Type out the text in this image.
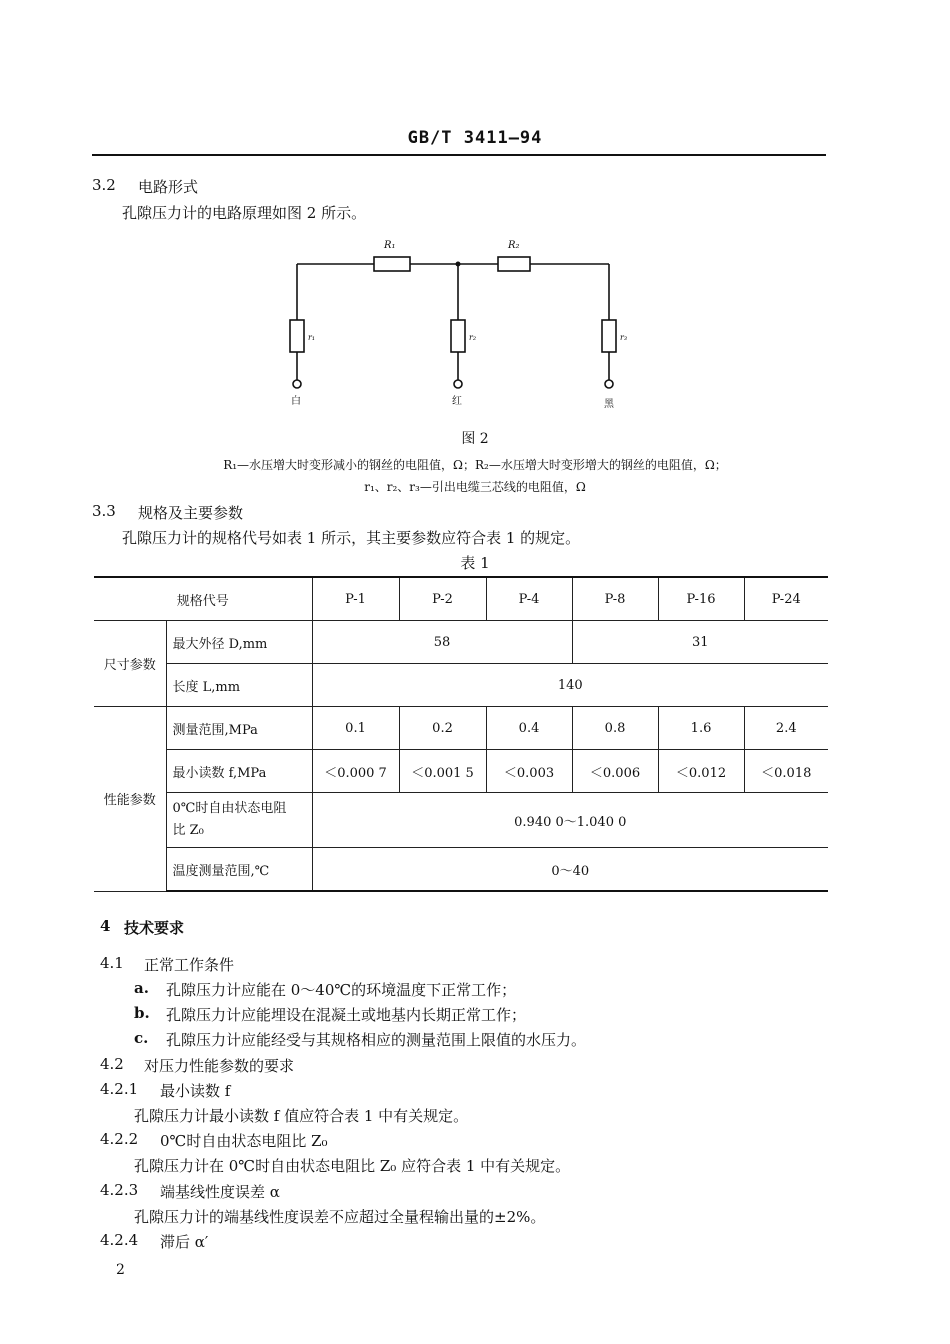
GB/T 3411—94
3.2 电路形式
孔隙压力计的电路原理如图 2 所示。
R₁	R₂
r₁	r₂	r₃
白	红	黑
图 2
R₁—水压增大时变形减小的钢丝的电阻值，Ω；R₂—水压增大时变形增大的钢丝的电阻值，Ω；
r₁、r₂、r₃—引出电缆三芯线的电阻值，Ω
3.3 规格及主要参数
孔隙压力计的规格代号如表 1 所示，其主要参数应符合表 1 的规定。
表 1
规格代号		P-1	P-2	P-4	P-8	P-16	P-24
尺寸参数	最大外径 D,mm	58			31		
	长度 L,mm	140					
性能参数	测量范围,MPa	0.1	0.2	0.4	0.8	1.6	2.4
	最小读数 f,MPa	＜0.000 7	＜0.001 5	＜0.003	＜0.006	＜0.012	＜0.018
	0℃时自由状态电阻
比 Z₀	0.940 0～1.040 0					
	温度测量范围,℃	0～40					
4 技术要求
4.1 正常工作条件
a. 孔隙压力计应能在 0～40℃的环境温度下正常工作；
b. 孔隙压力计应能埋设在混凝土或地基内长期正常工作；
c. 孔隙压力计应能经受与其规格相应的测量范围上限值的水压力。
4.2 对压力性能参数的要求
4.2.1 最小读数 f
孔隙压力计最小读数 f 值应符合表 1 中有关规定。
4.2.2 0℃时自由状态电阻比 Z₀
孔隙压力计在 0℃时自由状态电阻比 Z₀ 应符合表 1 中有关规定。
4.2.3 端基线性度误差 α
孔隙压力计的端基线性度误差不应超过全量程输出量的±2%。
4.2.4 滞后 α′
2
